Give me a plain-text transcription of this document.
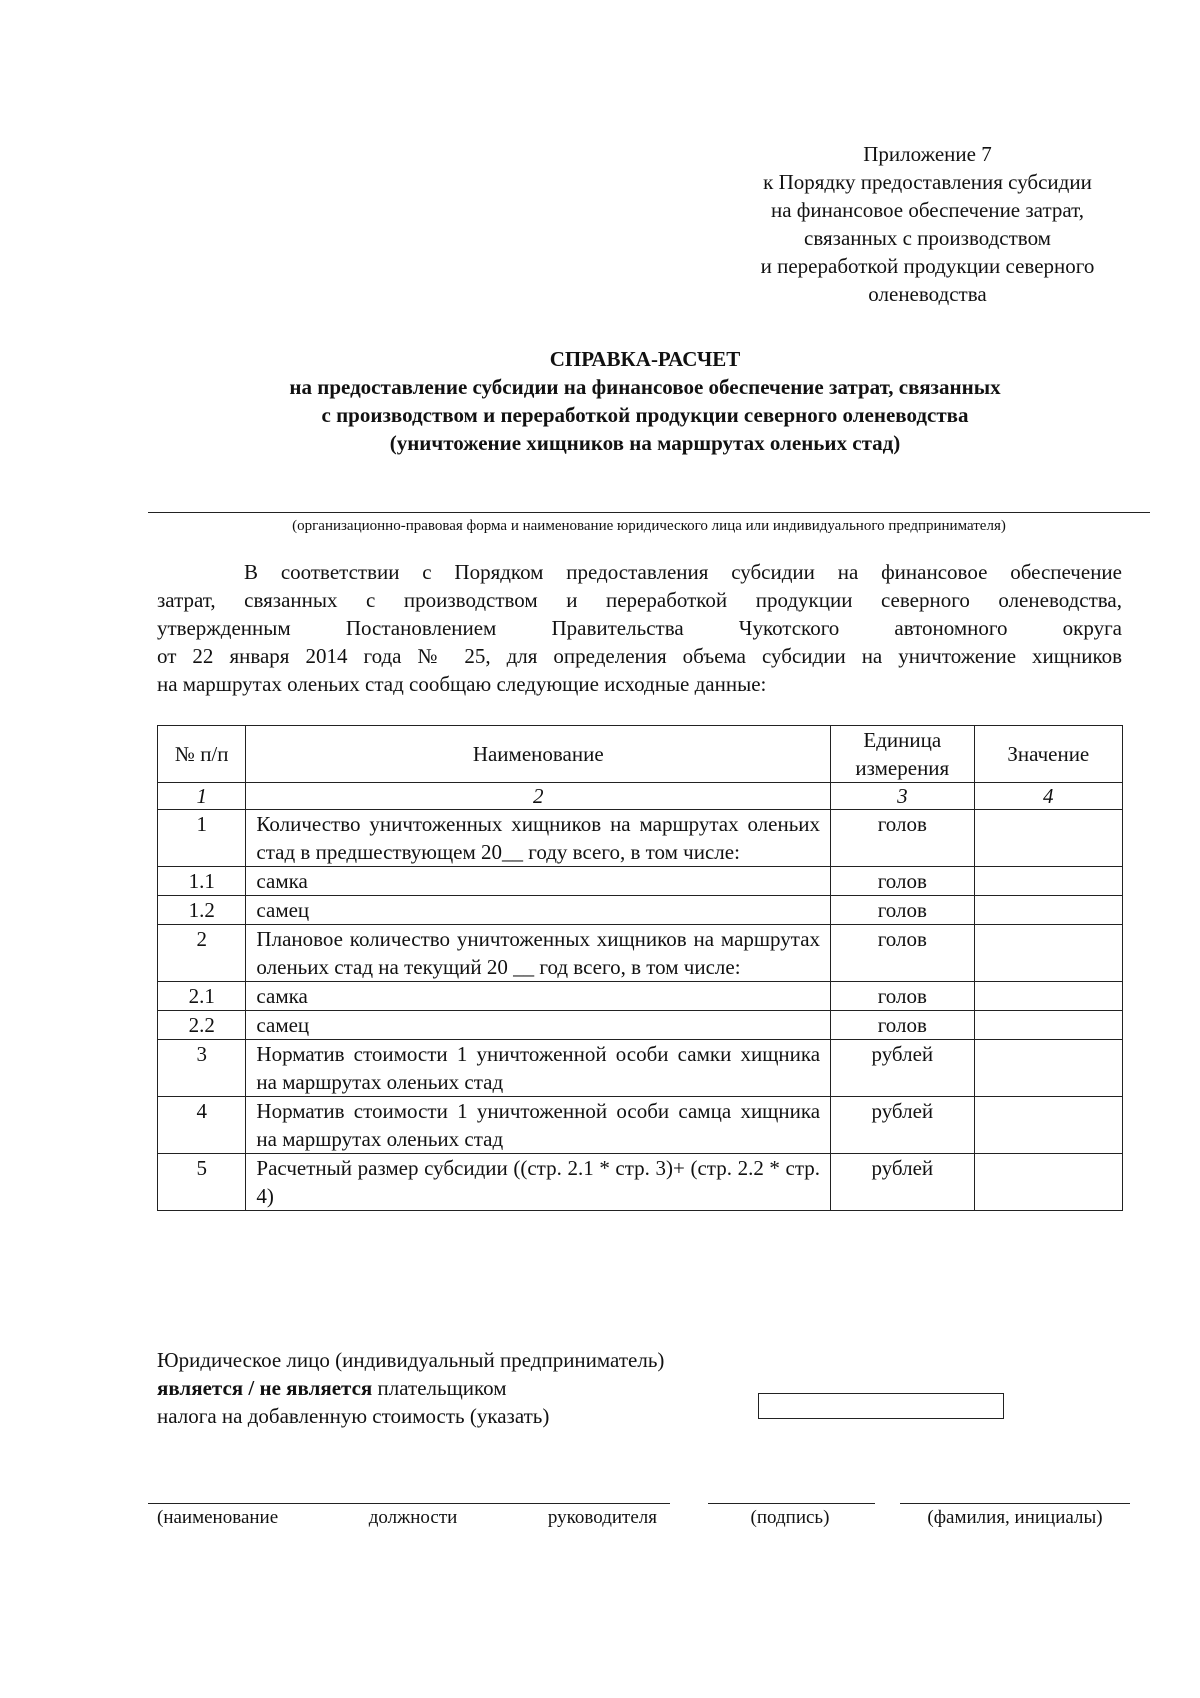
Приложение 7
к Порядку предоставления субсидии
на финансовое обеспечение затрат,
связанных с производством
и переработкой продукции северного
оленеводства
СПРАВКА-РАСЧЕТ
на предоставление субсидии на финансовое обеспечение затрат, связанных
с производством и переработкой продукции северного оленеводства
(уничтожение хищников на маршрутах оленьих стад)
(организационно-правовая форма и наименование юридического лица или индивидуального предпринимателя)
В соответствии с Порядком предоставления субсидии на финансовое обеспечение
затрат, связанных с производством и переработкой продукции северного оленеводства,
утвержденным Постановлением Правительства Чукотского автономного округа
от 22 января 2014 года № 25, для определения объема субсидии на уничтожение хищников
на маршрутах оленьих стад сообщаю следующие исходные данные:
№ п/п	Наименование	Единица измерения	Значение
1	2	3	4
1	Количество уничтоженных хищников на маршрутах оленьих стад в предшествующем 20__ году всего, в том числе:	голов	
1.1	самка	голов	
1.2	самец	голов	
2	Плановое количество уничтоженных хищников на маршрутах оленьих стад на текущий 20 __ год всего, в том числе:	голов	
2.1	самка	голов	
2.2	самец	голов	
3	Норматив стоимости 1 уничтоженной особи самки хищника на маршрутах оленьих стад	рублей	
4	Норматив стоимости 1 уничтоженной особи самца хищника на маршрутах оленьих стад	рублей	
5	Расчетный размер субсидии ((стр. 2.1 * стр. 3)+ (стр. 2.2 * стр. 4)	рублей	
Юридическое лицо (индивидуальный предприниматель)
является / не является плательщиком
налога на добавленную стоимость (указать)
(наименование	должности	руководителя	(подпись)	(фамилия, инициалы)
